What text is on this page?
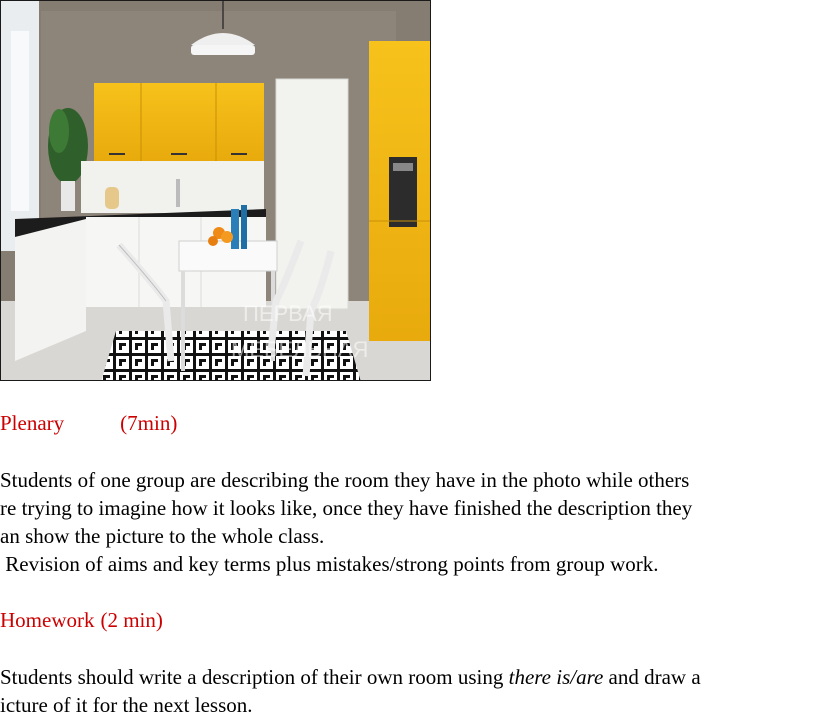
ПЕРВАЯ
МЕБЕЛЬНАЯ
Plenary	(7min)
Students of one group are describing the room they have in the photo while others
re trying to imagine how it looks like, once they have finished the description they
an show the picture to the whole class.
Revision of aims and key terms plus mistakes/strong points from group work.
Homework (2 min)
Students should write a description of their own room using there is/are and draw a
icture of it for the next lesson.
